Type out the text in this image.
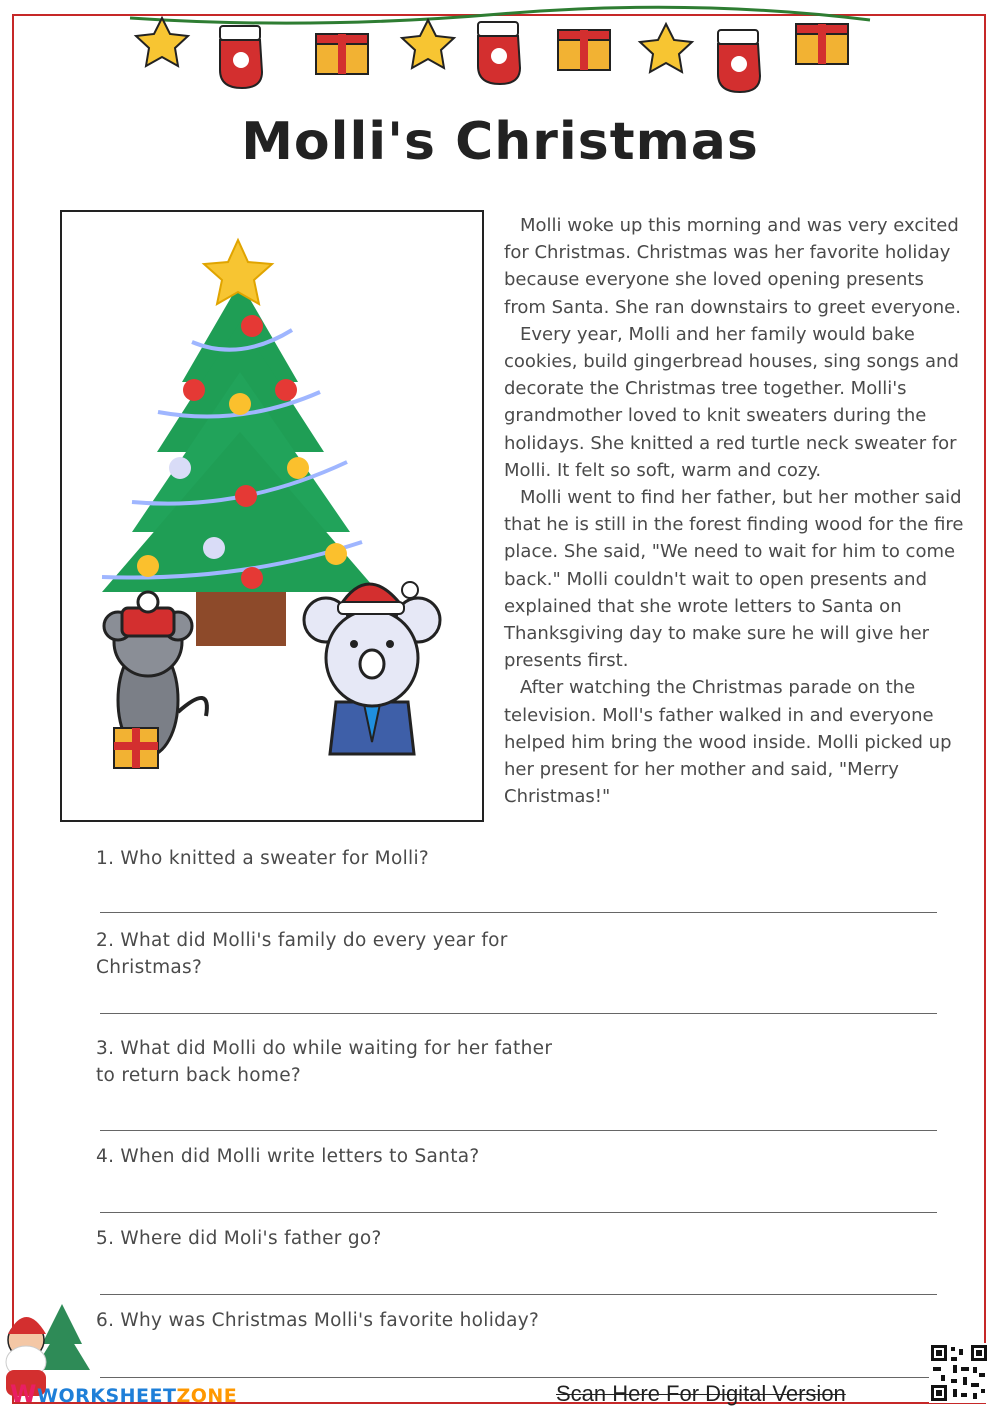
Molli's Christmas

Molli woke up this morning and was very excited for Christmas. Christmas was her favorite holiday because everyone she loved opening presents from Santa. She ran downstairs to greet everyone.

Every year, Molli and her family would bake cookies, build gingerbread houses, sing songs and decorate the Christmas tree together. Molli's grandmother loved to knit sweaters during the holidays. She knitted a red turtle neck sweater for Molli. It felt so soft, warm and cozy.

Molli went to find her father, but her mother said that he is still in the forest finding wood for the fire place. She said, "We need to wait for him to come back." Molli couldn't wait to open presents and explained that she wrote letters to Santa on Thanksgiving day to make sure he will give her presents first.

After watching the Christmas parade on the television. Moll's father walked in and everyone helped him bring the wood inside. Molli picked up her present for her mother and said, "Merry Christmas!"

1. Who knitted a sweater for Molli?
2. What did Molli's family do every year for Christmas?
3. What did Molli do while waiting for her father to return back home?
4. When did Molli write letters to Santa?
5. Where did Moli's father go?
6. Why was Christmas Molli's favorite holiday?
WWORKSHEETZONE	Scan Here For Digital Version
